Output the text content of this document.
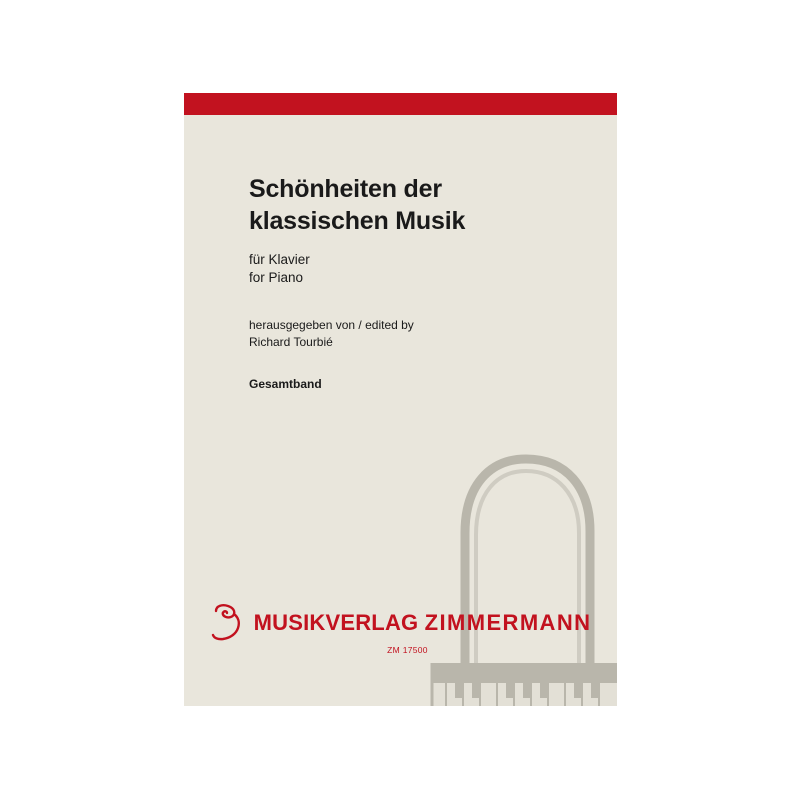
Schönheiten der
klassischen Musik

für Klavier
for Piano

herausgegeben von / edited by
Richard Tourbié

Gesamtband

MUSIKVERLAG ZIMMERMANN
ZM 17500
